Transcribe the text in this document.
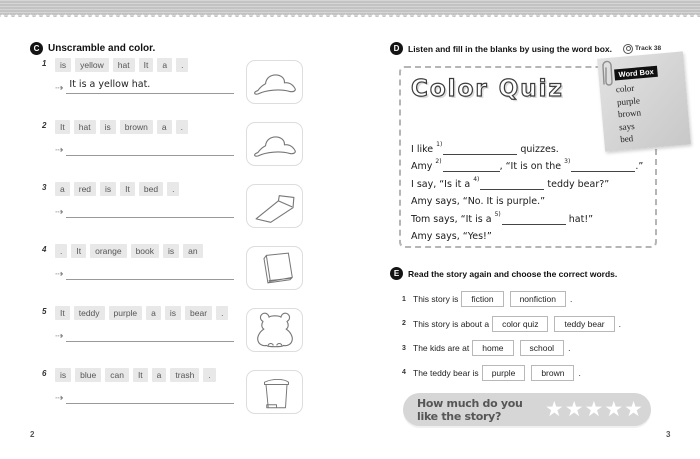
C Unscramble and color.
1	is	yellow	hat	It	a	.
⇢ It is a yellow hat.
2	It	hat	is	brown	a	.
⇢
3	a	red	is	It	bed	.
⇢
4	.	It	orange	book	is	an
⇢
5	It	teddy	purple	a	is	bear	.
⇢
6	is	blue	can	It	a	trash	.
⇢
D	Listen and fill in the blanks by using the word box.	Track 38
Color Quiz
I like 1)	quizzes.
Amy 2)	, “It is on the 3)	.”
I say, “Is it a 4)	teddy bear?”
Amy says, “No. It is purple.”
Tom says, “It is a 5)	hat!”
Amy says, “Yes!”
Word Box
color
purple
brown
says
bed
E	Read the story again and choose the correct words.
1 This story is	fiction	nonfiction	.
2 This story is about a	color quiz	teddy bear	.
3 The kids are at	home	school	.
4 The teddy bear is	purple	brown	.
How much do you like the story?	★ ★ ★ ★ ★
2	3
